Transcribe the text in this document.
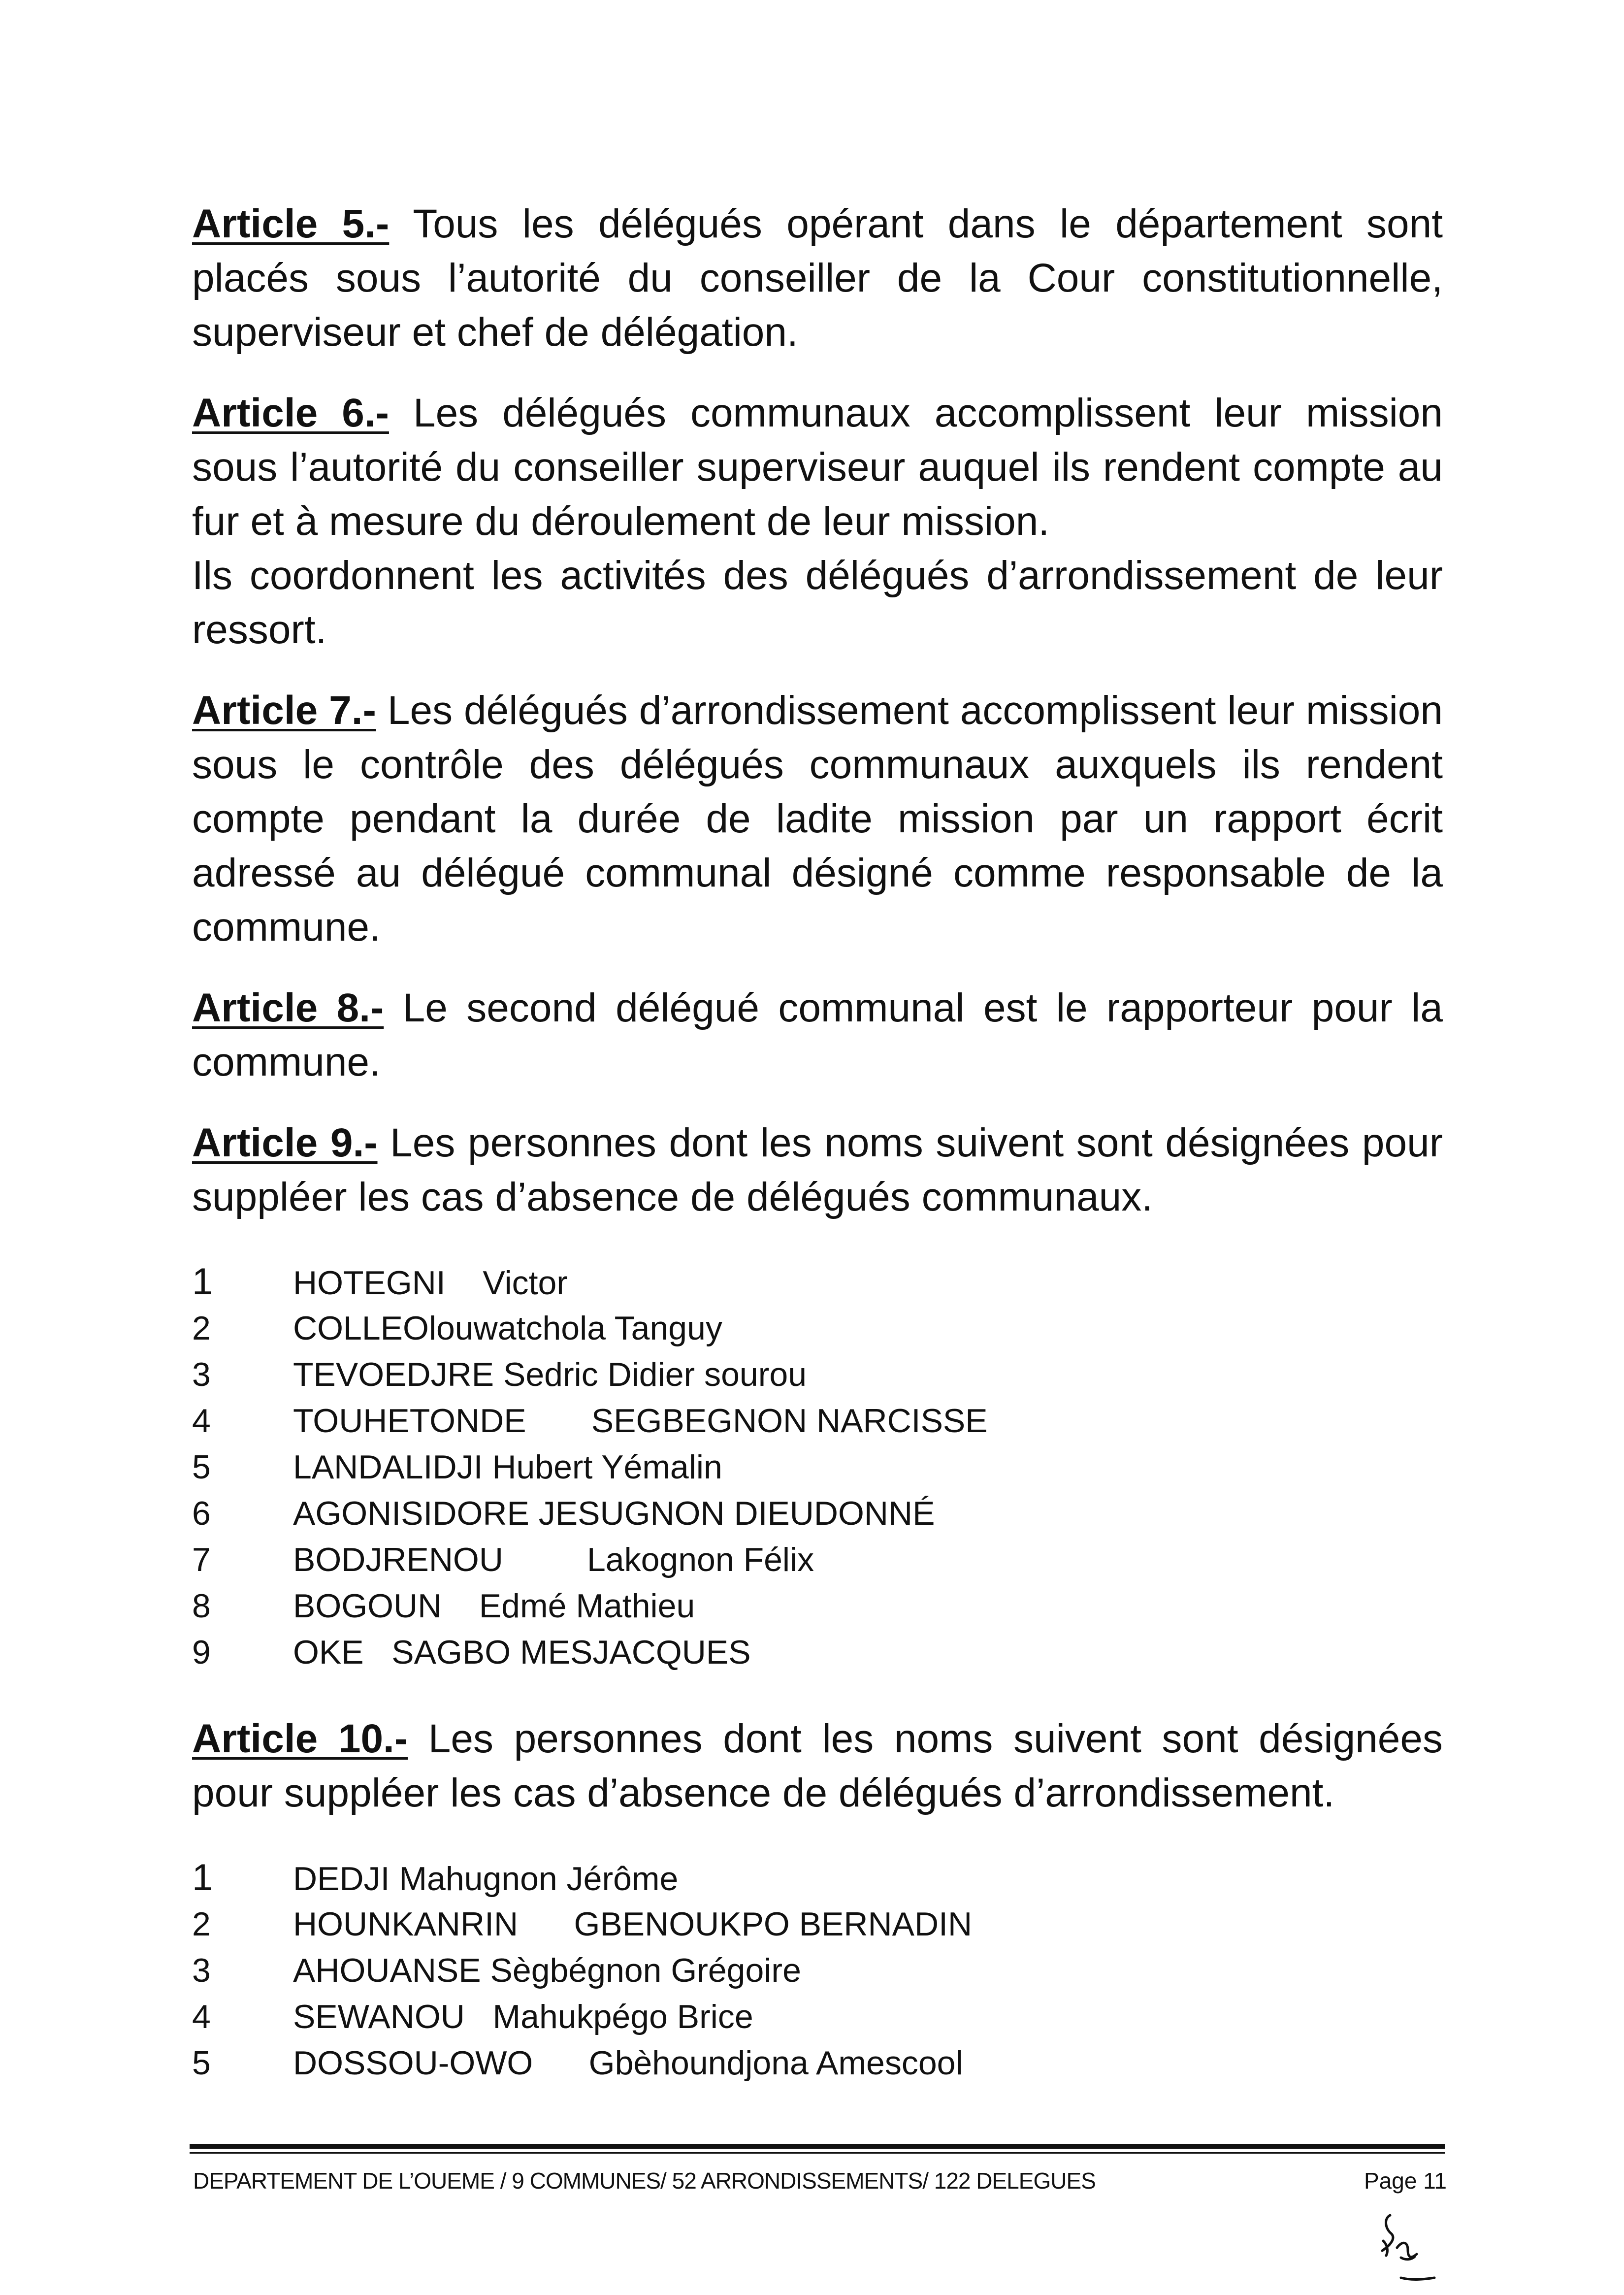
Article 5.- Tous les délégués opérant dans le département sont placés sous l’autorité du conseiller de la Cour constitutionnelle, superviseur et chef de délégation.

Article 6.- Les délégués communaux accomplissent leur mission sous l’autorité du conseiller superviseur auquel ils rendent compte au fur et à mesure du déroulement de leur mission.

Ils coordonnent les activités des délégués d’arrondissement de leur ressort.

Article 7.- Les délégués d’arrondissement accomplissent leur mission sous le contrôle des délégués communaux auxquels ils rendent compte pendant la durée de ladite mission par un rapport écrit adressé au délégué communal désigné comme responsable de la commune.

Article 8.- Le second délégué communal est le rapporteur pour la commune.

Article 9.- Les personnes dont les noms suivent sont désignées pour suppléer les cas d’absence de délégués communaux.

1	HOTEGNI    Victor
2	COLLEOlouwatchola Tanguy
3	TEVOEDJRE Sedric Didier sourou
4	TOUHETONDE       SEGBEGNON NARCISSE
5	LANDALIDJI Hubert Yémalin
6	AGONISIDORE JESUGNON DIEUDONNÉ
7	BODJRENOU         Lakognon Félix
8	BOGOUN    Edmé Mathieu
9	OKE   SAGBO MESJACQUES

Article 10.- Les personnes dont les noms suivent sont désignées pour suppléer les cas d’absence de délégués d’arrondissement.

1	DEDJI Mahugnon Jérôme
2	HOUNKANRIN      GBENOUKPO BERNADIN
3	AHOUANSE Sègbégnon Grégoire
4	SEWANOU   Mahukpégo Brice
5	DOSSOU-OWO      Gbèhoundjona Amescool
DEPARTEMENT DE L’OUEME / 9 COMMUNES/ 52 ARRONDISSEMENTS/ 122 DELEGUES	Page 11
